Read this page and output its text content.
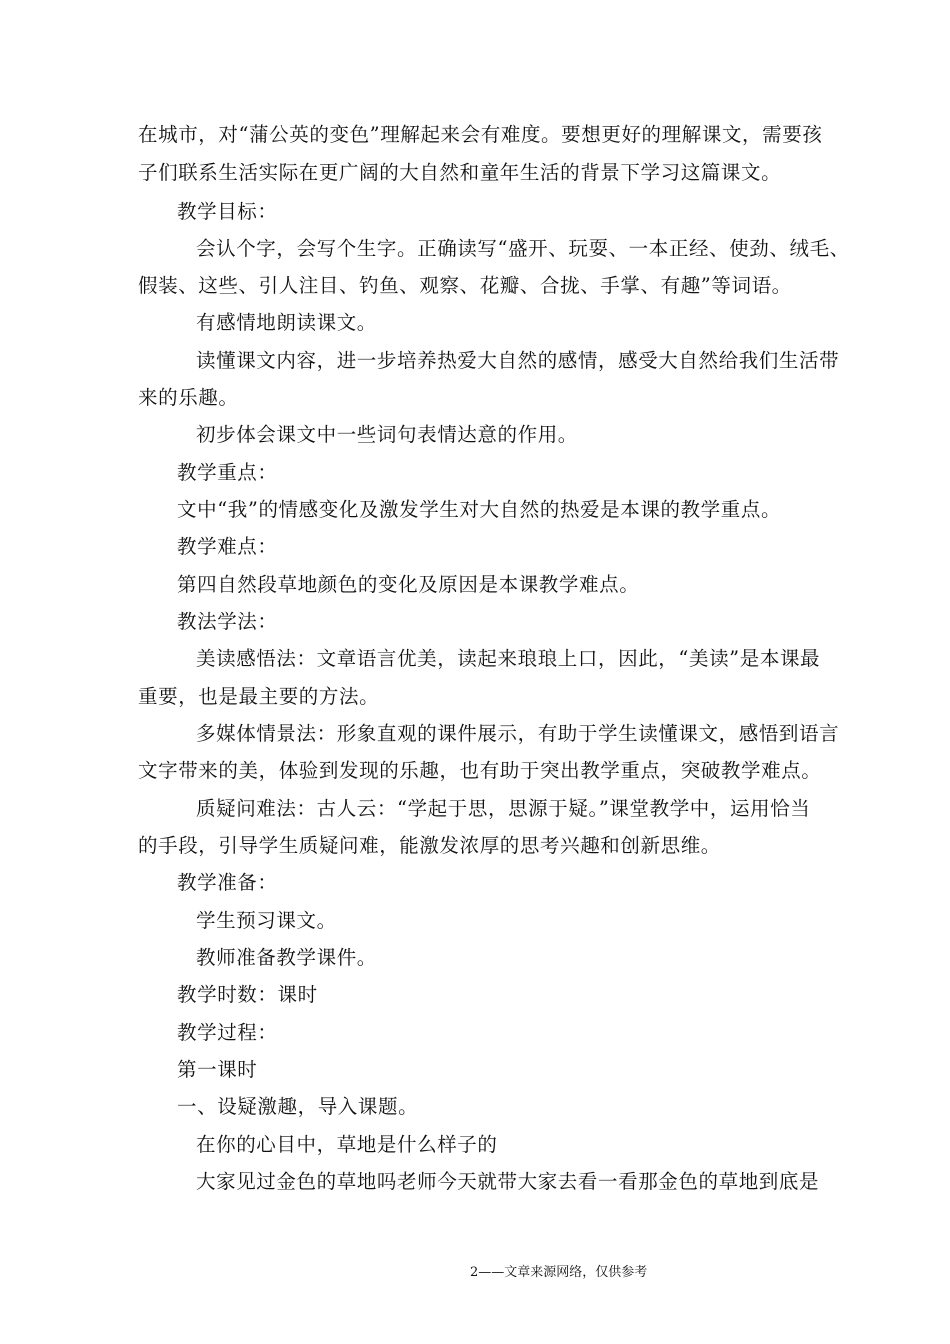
在城市，对“蒲公英的变色”理解起来会有难度。要想更好的理解课文，需要孩
子们联系生活实际在更广阔的大自然和童年生活的背景下学习这篇课文。
教学目标：
会认个字，会写个生字。正确读写“盛开、玩耍、一本正经、使劲、绒毛、
假装、这些、引人注目、钓鱼、观察、花瓣、合拢、手掌、有趣”等词语。
有感情地朗读课文。
读懂课文内容，进一步培养热爱大自然的感情，感受大自然给我们生活带
来的乐趣。
初步体会课文中一些词句表情达意的作用。
教学重点：
文中“我”的情感变化及激发学生对大自然的热爱是本课的教学重点。
教学难点：
第四自然段草地颜色的变化及原因是本课教学难点。
教法学法：
美读感悟法：文章语言优美，读起来琅琅上口，因此，“美读”是本课最
重要，也是最主要的方法。
多媒体情景法：形象直观的课件展示，有助于学生读懂课文，感悟到语言
文字带来的美，体验到发现的乐趣，也有助于突出教学重点，突破教学难点。
质疑问难法：古人云：“学起于思，思源于疑。”课堂教学中，运用恰当
的手段，引导学生质疑问难，能激发浓厚的思考兴趣和创新思维。
教学准备：
学生预习课文。
教师准备教学课件。
教学时数：课时
教学过程：
第一课时
一、设疑激趣，导入课题。
在你的心目中，草地是什么样子的
大家见过金色的草地吗老师今天就带大家去看一看那金色的草地到底是
2——文章来源网络，仅供参考
